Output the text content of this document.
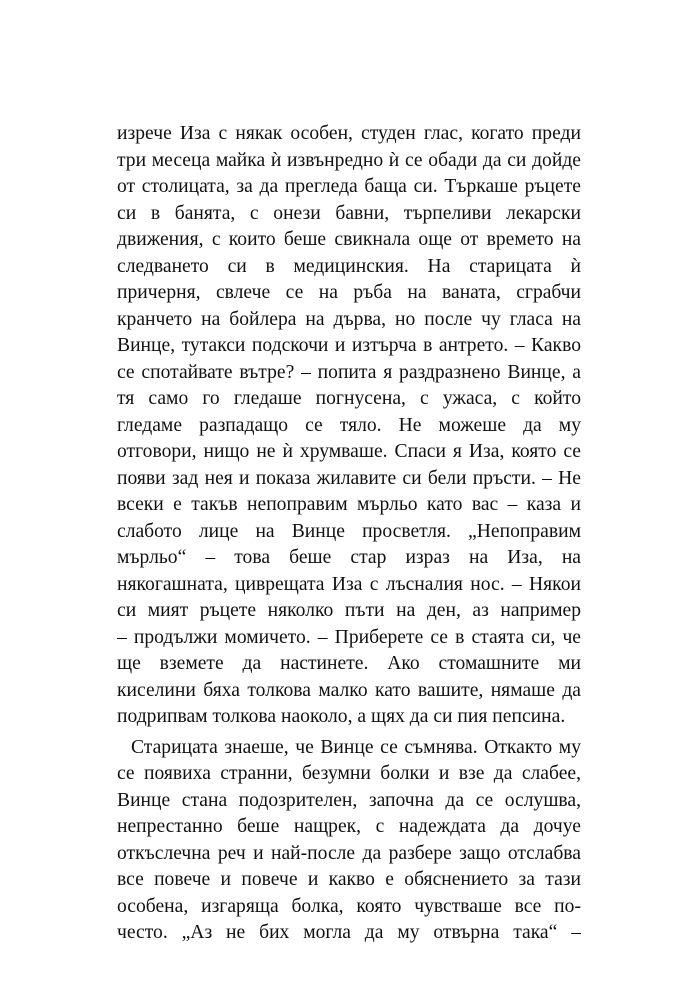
изрече Иза с някак особен, студен глас, когато преди
три месеца майка ѝ извънредно ѝ се обади да си дойде
от столицата, за да прегледа баща си. Търкаше ръцете
си в банята, с онези бавни, търпеливи лекарски
движения, с които беше свикнала още от времето на
следването си в медицинския. На старицата ѝ
причерня, свлече се на ръба на ваната, сграбчи
кранчето на бойлера на дърва, но после чу гласа на
Винце, тутакси подскочи и изтърча в антрето. – Какво
се спотайвате вътре? – попита я раздразнено Винце, а
тя само го гледаше погнусена, с ужаса, с който
гледаме разпадащо се тяло. Не можеше да му
отговори, нищо не ѝ хрумваше. Спаси я Иза, която се
появи зад нея и показа жилавите си бели пръсти. – Не
всеки е такъв непоправим мърльо като вас – каза и
слабото лице на Винце просветля. „Непоправим
мърльо“ – това беше стар израз на Иза, на
някогашната, циврещата Иза с лъсналия нос. – Някои
си мият ръцете няколко пъти на ден, аз например
– продължи момичето. – Приберете се в стаята си, че
ще вземете да настинете. Ако стомашните ми
киселини бяха толкова малко като вашите, нямаше да
подрипвам толкова наоколо, а щях да си пия пепсина.
Старицата знаеше, че Винце се съмнява. Откакто му
се появиха странни, безумни болки и взе да слабее,
Винце стана подозрителен, започна да се ослушва,
непрестанно беше нащрек, с надеждата да дочуе
откъслечна реч и най-после да разбере защо отслабва
все повече и повече и какво е обяснението за тази
особена, изгаряща болка, която чувстваше все по-
често. „Аз не бих могла да му отвърна така“ –
